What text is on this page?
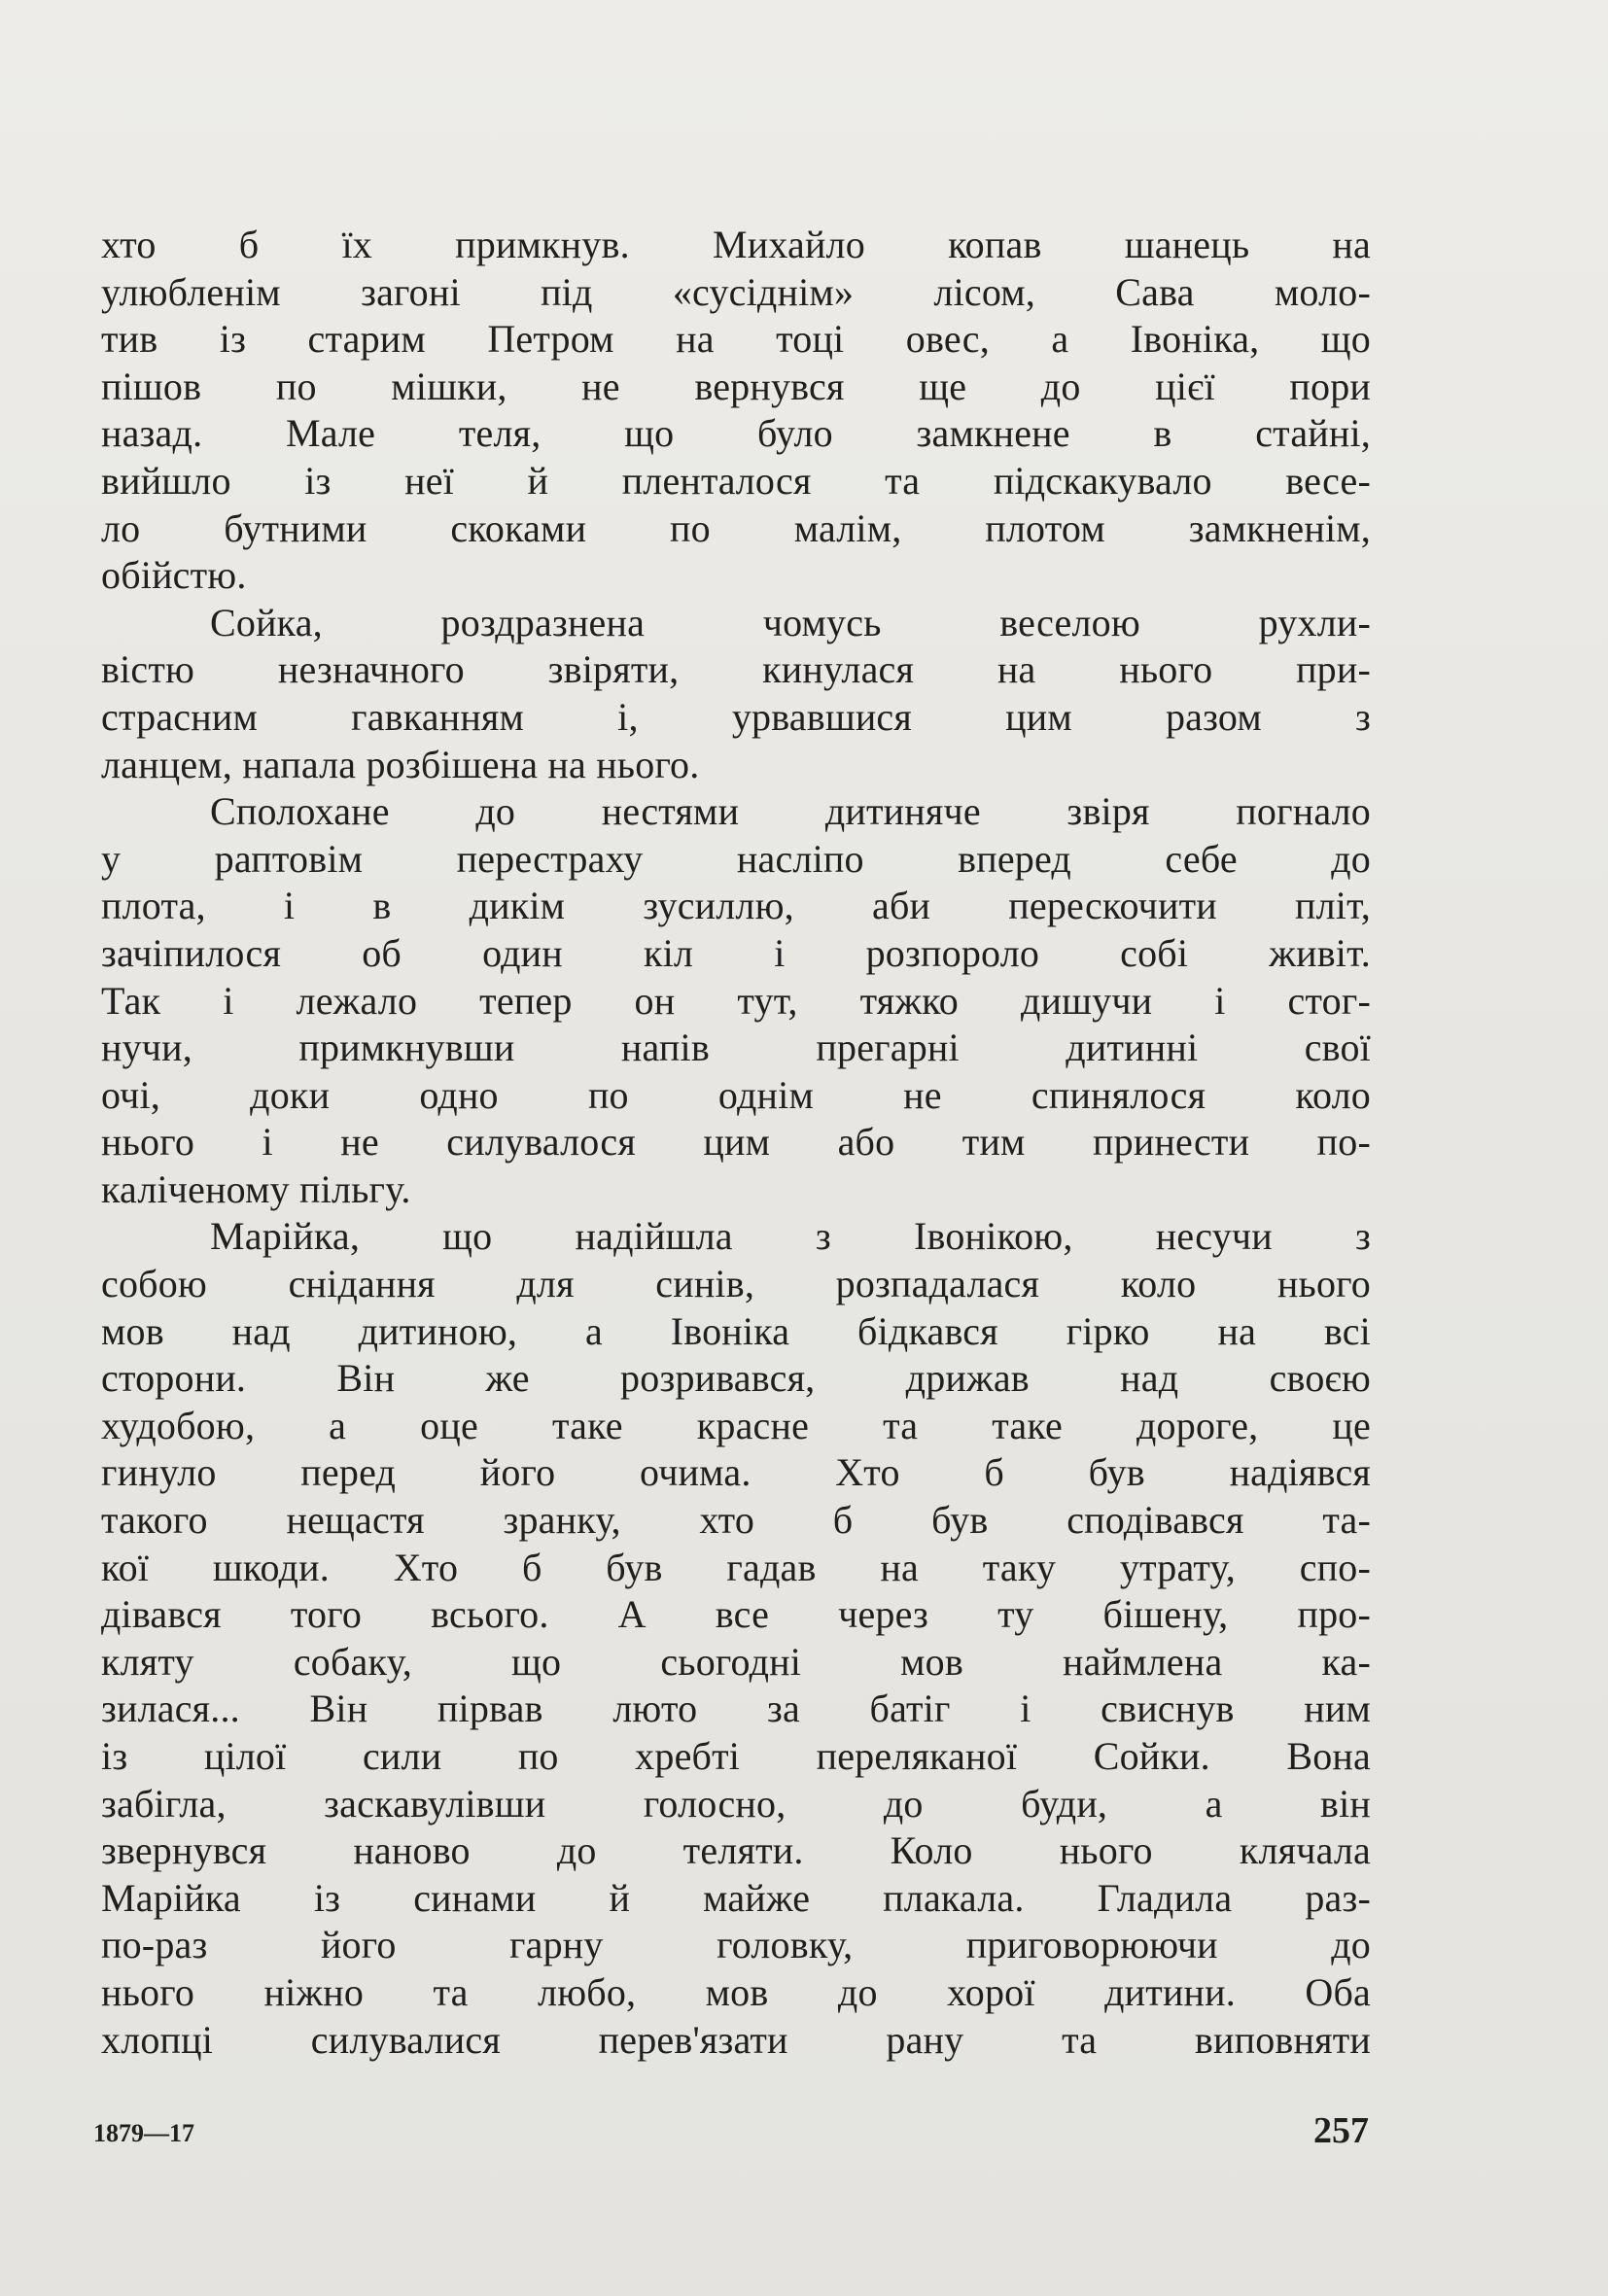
хто б їх примкнув. Михайло копав шанець на
улюбленім загоні під «сусіднім» лісом, Сава моло-
тив із старим Петром на тоці овес, а Івоніка, що
пішов по мішки, не вернувся ще до цієї пори
назад. Мале теля, що було замкнене в стайні,
вийшло із неї й плентaлося та підскакувало весе-
ло бутними скоками по малім, плотом замкненім,
обійстю.
Сойка, роздразнена чомусь веселою рухли-
вістю незначного звіряти, кинулася на нього при-
страсним гавканням і, урвавшися цим разом з
ланцем, напала розбішена на нього.
Сполохане до нестями дитиняче звіря погнало
у раптовім перестраху насліпо вперед себе до
плота, і в дикім зусиллю, аби перескочити пліт,
зачіпилося об один кіл і розпороло собі живіт.
Так і лежало тепер он тут, тяжко дишучи і стог-
нучи, примкнувши напів прегарні дитинні свої
очі, доки одно по однім не спинялося коло
нього і не силувалося цим або тим принести по-
каліченому пільгу.
Марійка, що надійшла з Івонікою, несучи з
собою снідання для синів, розпадалася коло нього
мов над дитиною, а Івоніка бідкався гірко на всі
сторони. Він же розривався, дрижав над своєю
худобою, а оце таке красне та таке дороге, це
гинуло перед його очима. Хто б був надіявся
такого нещастя зранку, хто б був сподівався та-
кої шкоди. Хто б був гадав на таку утрату, спо-
дівався того всього. А все через ту бішену, про-
кляту собаку, що сьогодні мов наймлена ка-
зилася... Він пірвав люто за батіг і свиснув ним
із цілої сили по хребті переляканої Сойки. Вона
забігла, заскавулівши голосно, до буди, а він
звернувся наново до теляти. Коло нього клячала
Марійка із синами й майже плакала. Гладила раз-
по-раз його гарну головку, приговорюючи до
нього ніжно та любо, мов до хорої дитини. Оба
хлопці силувалися перев'язати рану та виповняти
1879—17	257
